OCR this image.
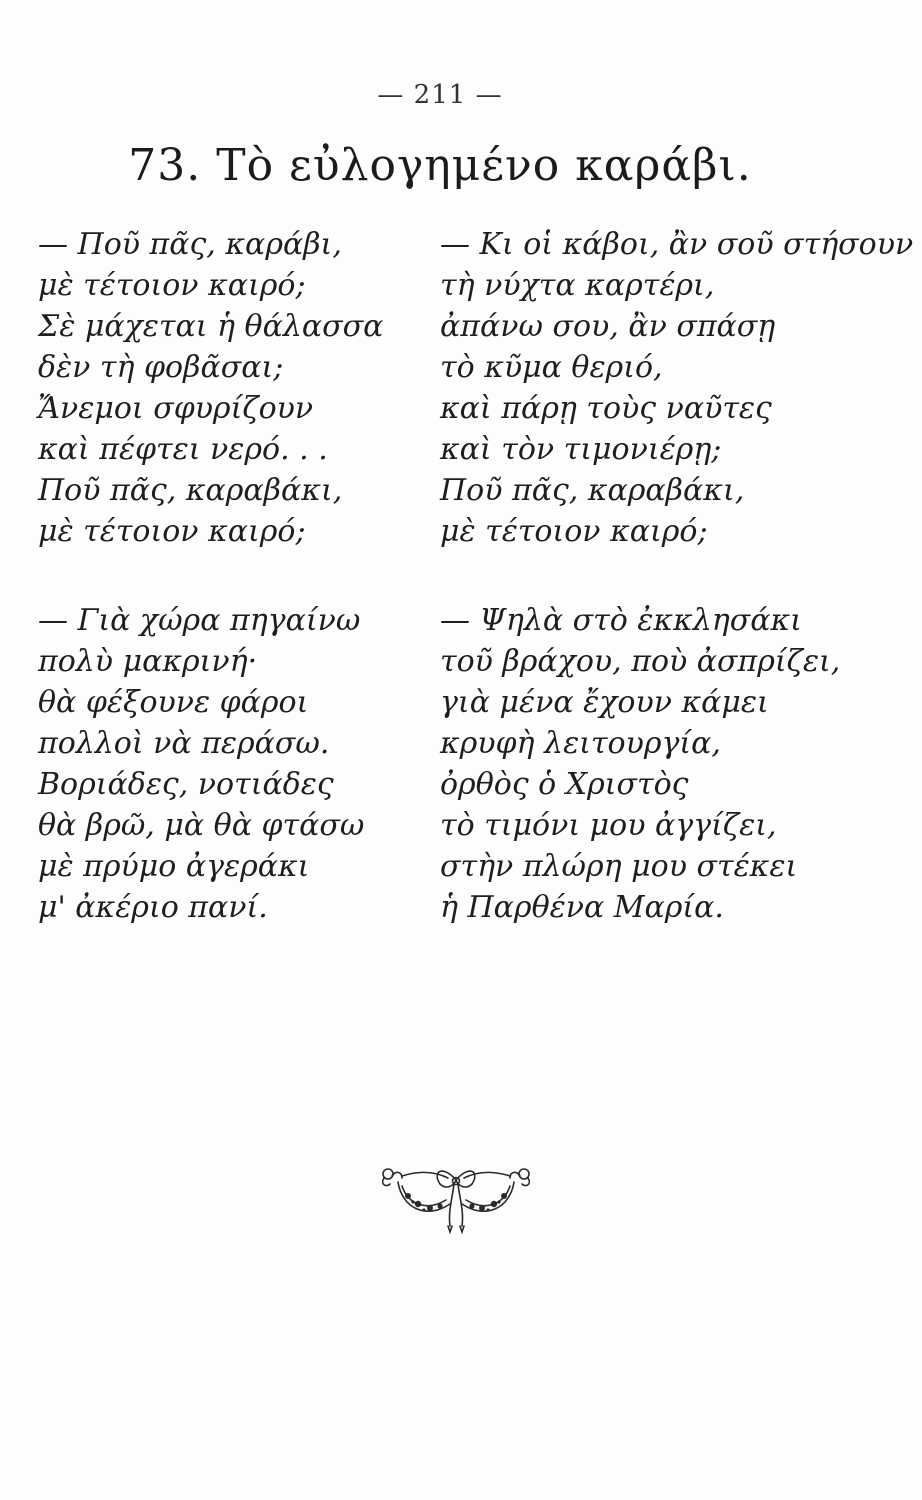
— 211 —
73. Τὸ εὐλογημένο καράβι.
— Ποῦ πᾶς, καράβι,
μὲ τέτοιον καιρό;
Σὲ μάχεται ἡ θάλασσα
δὲν τὴ φοβᾶσαι;
Ἄνεμοι σφυρίζουν
καὶ πέφτει νερό. . .
Ποῦ πᾶς, καραβάκι,
μὲ τέτοιον καιρό;
— Γιὰ χώρα πηγαίνω
πολὺ μακρινή·
θὰ φέξουνε φάροι
πολλοὶ νὰ περάσω.
Βοριάδες, νοτιάδες
θὰ βρῶ, μὰ θὰ φτάσω
μὲ πρύμο ἀγεράκι
μ' ἀκέριο πανί.
— Κι οἱ κάβοι, ἂν σοῦ στήσουν
τὴ νύχτα καρτέρι,
ἀπάνω σου, ἂν σπάσῃ
τὸ κῦμα θεριό,
καὶ πάρῃ τοὺς ναῦτες
καὶ τὸν τιμονιέρῃ;
Ποῦ πᾶς, καραβάκι,
μὲ τέτοιον καιρό;
— Ψηλὰ στὸ ἐκκλησάκι
τοῦ βράχου, ποὺ ἀσπρίζει,
γιὰ μένα ἔχουν κάμει
κρυφὴ λειτουργία,
ὀρθὸς ὁ Χριστὸς
τὸ τιμόνι μου ἀγγίζει,
στὴν πλώρη μου στέκει
ἡ Παρθένα Μαρία.
